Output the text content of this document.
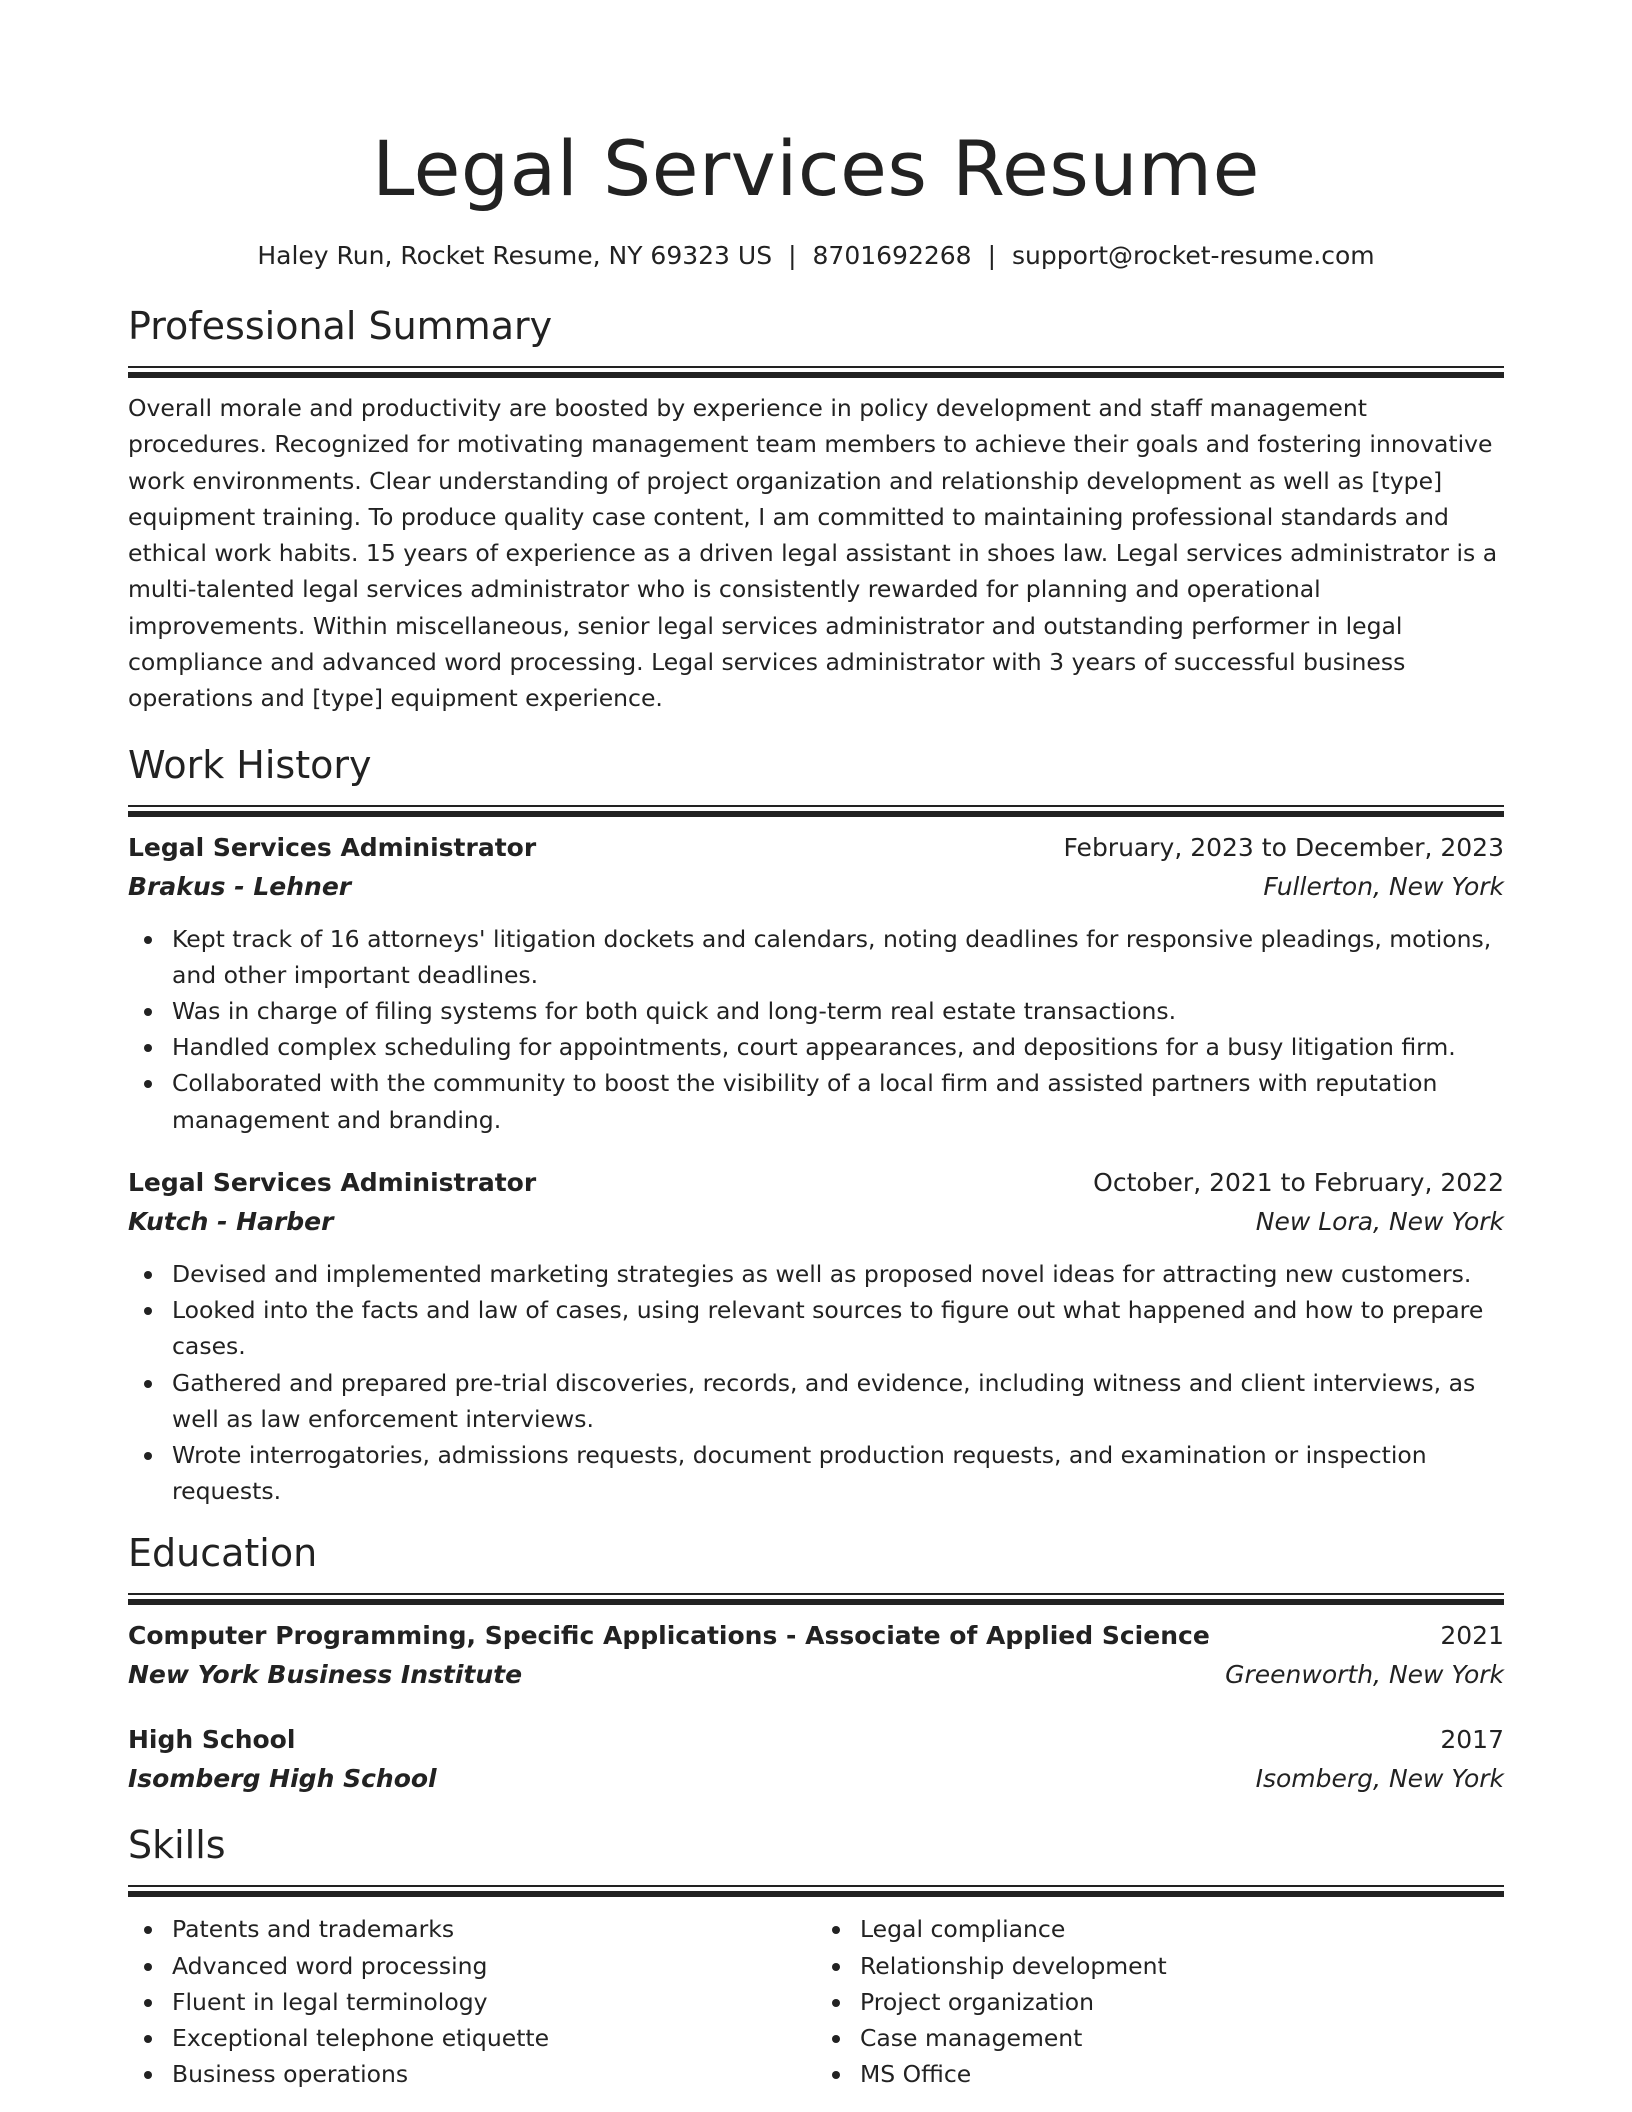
Legal Services Resume
Haley Run, Rocket Resume, NY 69323 US | 8701692268 | support@rocket-resume.com
Professional Summary
Overall morale and productivity are boosted by experience in policy development and staff management procedures. Recognized for motivating management team members to achieve their goals and fostering innovative work environments. Clear understanding of project organization and relationship development as well as [type] equipment training. To produce quality case content, I am committed to maintaining professional standards and ethical work habits. 15 years of experience as a driven legal assistant in shoes law. Legal services administrator is a multi-talented legal services administrator who is consistently rewarded for planning and operational improvements. Within miscellaneous, senior legal services administrator and outstanding performer in legal compliance and advanced word processing. Legal services administrator with 3 years of successful business operations and [type] equipment experience.
Work History
Legal Services Administrator	February, 2023 to December, 2023
Brakus - Lehner	Fullerton, New York
Kept track of 16 attorneys' litigation dockets and calendars, noting deadlines for responsive pleadings, motions, and other important deadlines.
Was in charge of filing systems for both quick and long-term real estate transactions.
Handled complex scheduling for appointments, court appearances, and depositions for a busy litigation firm.
Collaborated with the community to boost the visibility of a local firm and assisted partners with reputation management and branding.
Legal Services Administrator	October, 2021 to February, 2022
Kutch - Harber	New Lora, New York
Devised and implemented marketing strategies as well as proposed novel ideas for attracting new customers.
Looked into the facts and law of cases, using relevant sources to figure out what happened and how to prepare cases.
Gathered and prepared pre-trial discoveries, records, and evidence, including witness and client interviews, as well as law enforcement interviews.
Wrote interrogatories, admissions requests, document production requests, and examination or inspection requests.
Education
Computer Programming, Specific Applications - Associate of Applied Science	2021
New York Business Institute	Greenworth, New York
High School	2017
Isomberg High School	Isomberg, New York
Skills
Patents and trademarks
Advanced word processing
Fluent in legal terminology
Exceptional telephone etiquette
Business operations
Legal compliance
Relationship development
Project organization
Case management
MS Office
